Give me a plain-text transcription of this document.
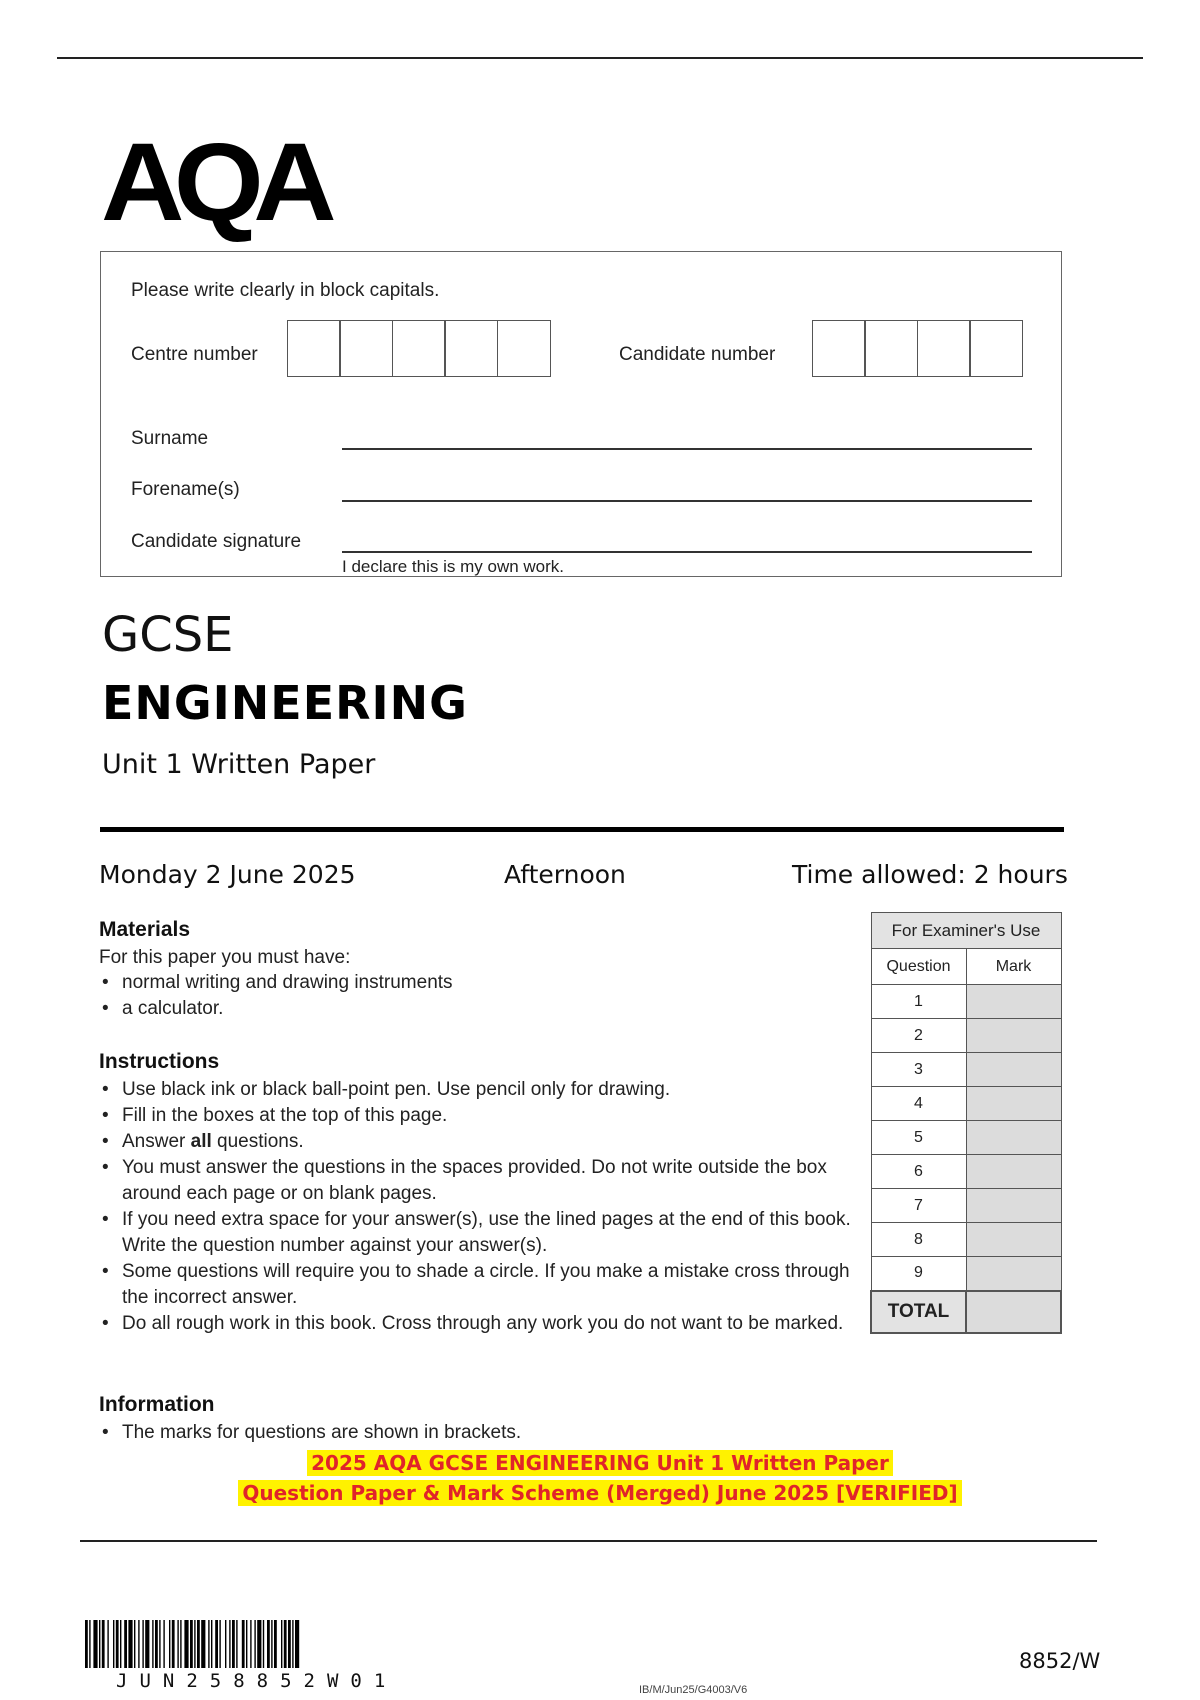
AQA
Please write clearly in block capitals.
Centre number	Candidate number
Surname
Forename(s)
Candidate signature
I declare this is my own work.
GCSE
ENGINEERING
Unit 1 Written Paper
Monday 2 June 2025	Afternoon	Time allowed: 2 hours
Materials
For this paper you must have:
• normal writing and drawing instruments
• a calculator.
Instructions
• Use black ink or black ball-point pen. Use pencil only for drawing.
• Fill in the boxes at the top of this page.
• Answer all questions.
• You must answer the questions in the spaces provided. Do not write outside the box around each page or on blank pages.
• If you need extra space for your answer(s), use the lined pages at the end of this book. Write the question number against your answer(s).
• Some questions will require you to shade a circle. If you make a mistake cross through the incorrect answer.
• Do all rough work in this book. Cross through any work you do not want to be marked.
Information
• The marks for questions are shown in brackets.
For Examiner's Use	
Question	Mark
1	
2	
3	
4	
5	
6	
7	
8	
9	
TOTAL	
2025 AQA GCSE ENGINEERING Unit 1 Written Paper
Question Paper & Mark Scheme (Merged) June 2025 [VERIFIED]
JUN258852W01	IB/M/Jun25/G4003/V6
8852/W
